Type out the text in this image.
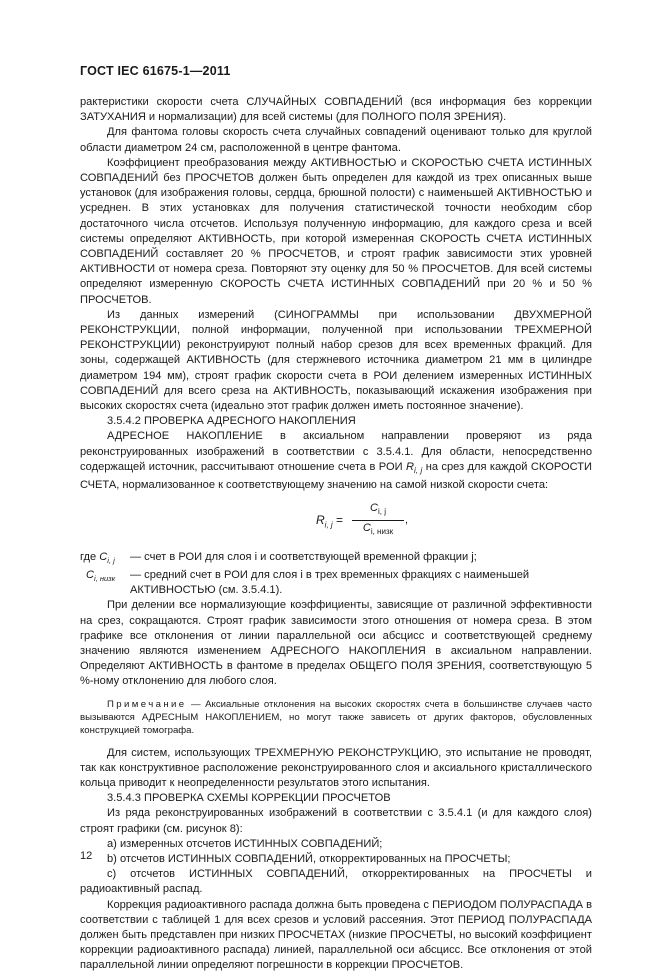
ГОСТ IEC 61675-1—2011

рактеристики скорости счета СЛУЧАЙНЫХ СОВПАДЕНИЙ (вся информация без коррекции ЗАТУХАНИЯ и нормализации) для всей системы (для ПОЛНОГО ПОЛЯ ЗРЕНИЯ).

Для фантома головы скорость счета случайных совпадений оценивают только для круглой области диаметром 24 см, расположенной в центре фантома.

Коэффициент преобразования между АКТИВНОСТЬЮ и СКОРОСТЬЮ СЧЕТА ИСТИННЫХ СОВПАДЕНИЙ без ПРОСЧЕТОВ должен быть определен для каждой из трех описанных выше установок (для изображения головы, сердца, брюшной полости) с наименьшей АКТИВНОСТЬЮ и усреднен. В этих установках для получения статистической точности необходим сбор достаточного числа отсчетов. Используя полученную информацию, для каждого среза и всей системы определяют АКТИВНОСТЬ, при которой измеренная СКОРОСТЬ СЧЕТА ИСТИННЫХ СОВПАДЕНИЙ составляет 20 % ПРОСЧЕТОВ, и строят график зависимости этих уровней АКТИВНОСТИ от номера среза. Повторяют эту оценку для 50 % ПРОСЧЕТОВ. Для всей системы определяют измеренную СКОРОСТЬ СЧЕТА ИСТИННЫХ СОВПАДЕНИЙ при 20 % и 50 % ПРОСЧЕТОВ.

Из данных измерений (СИНОГРАММЫ при использовании ДВУХМЕРНОЙ РЕКОНСТРУКЦИИ, полной информации, полученной при использовании ТРЕХМЕРНОЙ РЕКОНСТРУКЦИИ) реконструируют полный набор срезов для всех временных фракций. Для зоны, содержащей АКТИВНОСТЬ (для стержневого источника диаметром 21 мм в цилиндре диаметром 194 мм), строят график скорости счета в РОИ делением измеренных ИСТИННЫХ СОВПАДЕНИЙ для всего среза на АКТИВНОСТЬ, показывающий искажения изображения при высоких скоростях счета (идеально этот график должен иметь постоянное значение).

3.5.4.2 ПРОВЕРКА АДРЕСНОГО НАКОПЛЕНИЯ

АДРЕСНОЕ НАКОПЛЕНИЕ в аксиальном направлении проверяют из ряда реконструированных изображений в соответствии с 3.5.4.1. Для области, непосредственно содержащей источник, рассчитывают отношение счета в РОИ $R_{i, j}$ на срез для каждой СКОРОСТИ СЧЕТА, нормализованное к соответствующему значению на самой низкой скорости счета:

$R_{i, j}$ =
$C_{i, j}$
$C_{i, низк}$
,
где $C_{i, j}$	— счет в РОИ для слоя i и соответствующей временной фракции j;
$C_{i, низк}$	— средний счет в РОИ для слоя i в трех временных фракциях с наименьшей АКТИВНОСТЬЮ (см. 3.5.4.1).

При делении все нормализующие коэффициенты, зависящие от различной эффективности на срез, сокращаются. Строят график зависимости этого отношения от номера среза. В этом графике все отклонения от линии параллельной оси абсцисс и соответствующей среднему значению являются изменением АДРЕСНОГО НАКОПЛЕНИЯ в аксиальном направлении. Определяют АКТИВНОСТЬ в фантоме в пределах ОБЩЕГО ПОЛЯ ЗРЕНИЯ, соответствующую 5 %-ному отклонению для любого слоя.

Примечание — Аксиальные отклонения на высоких скоростях счета в большинстве случаев часто вызываются АДРЕСНЫМ НАКОПЛЕНИЕМ, но могут также зависеть от других факторов, обусловленных конструкцией томографа.

Для систем, использующих ТРЕХМЕРНУЮ РЕКОНСТРУКЦИЮ, это испытание не проводят, так как конструктивное расположение реконструированного слоя и аксиального кристаллического кольца приводит к неопределенности результатов этого испытания.

3.5.4.3 ПРОВЕРКА СХЕМЫ КОРРЕКЦИИ ПРОСЧЕТОВ

Из ряда реконструированных изображений в соответствии с 3.5.4.1 (и для каждого слоя) строят графики (см. рисунок 8):

a) измеренных отсчетов ИСТИННЫХ СОВПАДЕНИЙ;

b) отсчетов ИСТИННЫХ СОВПАДЕНИЙ, откорректированных на ПРОСЧЕТЫ;

c) отсчетов ИСТИННЫХ СОВПАДЕНИЙ, откорректированных на ПРОСЧЕТЫ и радиоактивный распад.

Коррекция радиоактивного распада должна быть проведена с ПЕРИОДОМ ПОЛУРАСПАДА в соответствии с таблицей 1 для всех срезов и условий рассеяния. Этот ПЕРИОД ПОЛУРАСПАДА должен быть представлен при низких ПРОСЧЕТАХ (низкие ПРОСЧЕТЫ, но высокий коэффициент коррекции радиоактивного распада) линией, параллельной оси абсцисс. Все отклонения от этой параллельной линии определяют погрешности в коррекции ПРОСЧЕТОВ.

12
